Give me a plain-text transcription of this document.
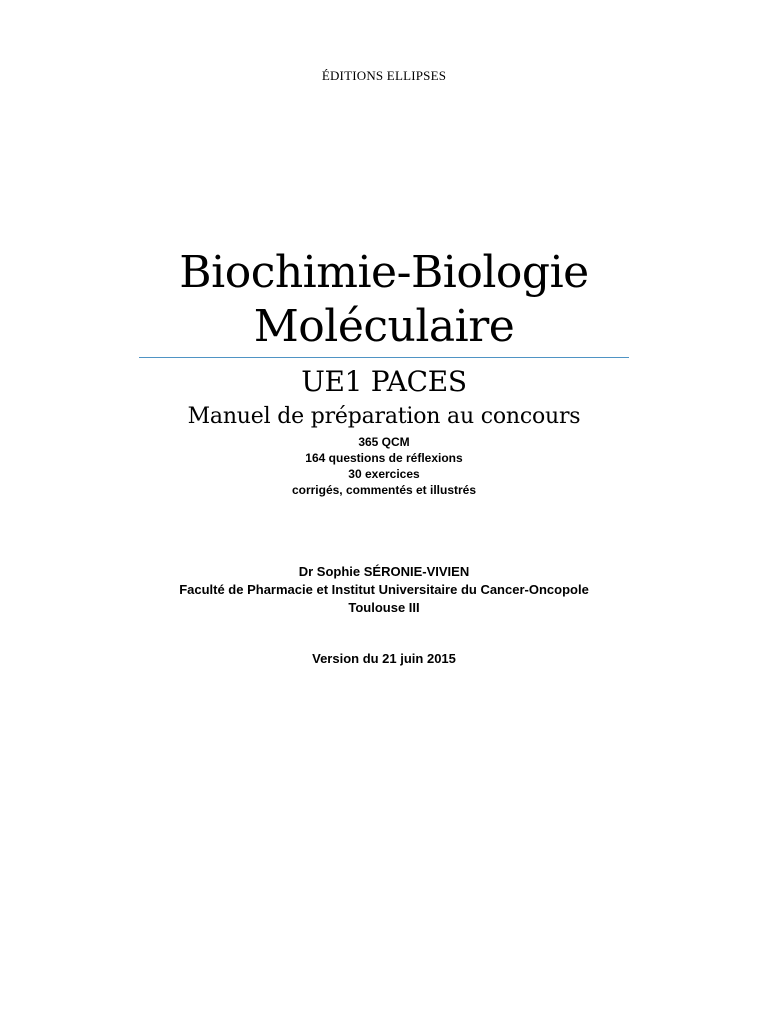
ÉDITIONS ELLIPSES
Biochimie-Biologie
Moléculaire
UE1 PACES
Manuel de préparation au concours
365 QCM
164 questions de réflexions
30 exercices
corrigés, commentés et illustrés
Dr Sophie SÉRONIE-VIVIEN
Faculté de Pharmacie et Institut Universitaire du Cancer-Oncopole
Toulouse III
Version du 21 juin 2015
